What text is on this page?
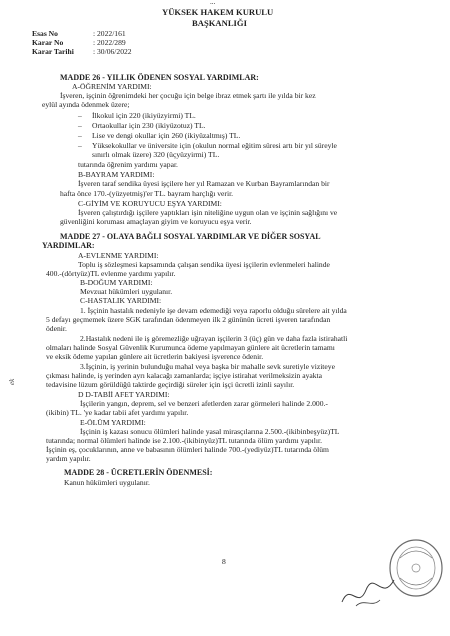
...
YÜKSEK HAKEM KURULU
BAŞKANLIĞI
Esas No	: 2022/161
Karar No	: 2022/289
Karar Tarihi	: 30/06/2022
MADDE 26 - YILLIK ÖDENEN SOSYAL YARDIMLAR:
A-ÖĞRENİM YARDIMI:
İşveren, işçinin öğrenimdeki her çocuğu için belge ibraz etmek şartı ile yılda bir kez
eylül ayında ödenmek üzere;
– İlkokul için 220 (ikiyüzyirmi) TL.
– Ortaokullar için 230 (ikiyüzotuz) TL.
– Lise ve dengi okullar için 260 (ikiyüzaltmış) TL.
– Yüksekokullar ve üniversite için (okulun normal eğitim süresi artı bir yıl süreyle
sınırlı olmak üzere) 320 (üçyüzyirmi) TL.
tutarında öğrenim yardımı yapar.
B-BAYRAM YARDIMI:
İşveren taraf sendika üyesi işçilere her yıl Ramazan ve Kurban Bayramlarından bir
hafta önce 170.-(yüzyetmiş)'er TL. bayram harçlığı verir.
C-GİYİM VE KORUYUCU EŞYA YARDIMI:
İşveren çalıştırdığı işçilere yaptıkları işin niteliğine uygun olan ve işçinin sağlığını ve
güvenliğini koruması amaçlayan giyim ve koruyucu eşya verir.
MADDE 27 - OLAYA BAĞLI SOSYAL YARDIMLAR VE DİĞER SOSYAL
YARDIMLAR:
A-EVLENME YARDIMI:
Toplu iş sözleşmesi kapsamında çalışan sendika üyesi işçilerin evlenmeleri halinde
400.-(dörtyüz)TL evlenme yardımı yapılır.
B-DOĞUM YARDIMI:
Mevzuat hükümleri uygulanır.
C-HASTALIK YARDIMI:
1. İşçinin hastalık nedeniyle işe devam edemediği veya raporlu olduğu sürelere ait yılda
5 defayı geçmemek üzere SGK tarafından ödenmeyen ilk 2 gününün ücreti işveren tarafından
ödenir.
2.Hastalık nedeni ile iş göremezliğe uğrayan işçilerin 3 (üç) gün ve daha fazla istirahatli
olmaları halinde Sosyal Güvenlik Kurumunca ödeme yapılmayan günlere ait ücretlerin tamamı
ve eksik ödeme yapılan günlere ait ücretlerin bakiyesi işverence ödenir.
3.İşçinin, iş yerinin bulunduğu mahal veya başka bir mahalle sevk suretiyle viziteye
çıkması halinde, iş yerinden ayrı kalacağı zamanlarda; işçiye istirahat verilmeksizin ayakta
tedavisine lüzum görüldüğü taktirde geçirdiği süreler için işçi ücretli izinli sayılır.
D D-TABİİ AFET YARDIMI:
İşçilerin yangın, deprem, sel ve benzeri afetlerden zarar görmeleri halinde 2.000.-
(ikibin) TL. 'ye kadar tabii afet yardımı yapılır.
E-ÖLÜM YARDIMI:
İşçinin iş kazası sonucu ölümleri halinde yasal mirasçılarına 2.500.-(ikibinbeşyüz)TL
tutarında; normal ölümleri halinde ise 2.100.-(ikibinyüz)TL tutarında ölüm yardımı yapılır.
İşçinin eş, çocuklarının, anne ve babasının ölümleri halinde 700.-(yediyüz)TL tutarında ölüm
yardım yapılır.
MADDE 28 - ÜCRETLERİN ÖDENMESİ:
Kanun hükümleri uygulanır.
8
ek
